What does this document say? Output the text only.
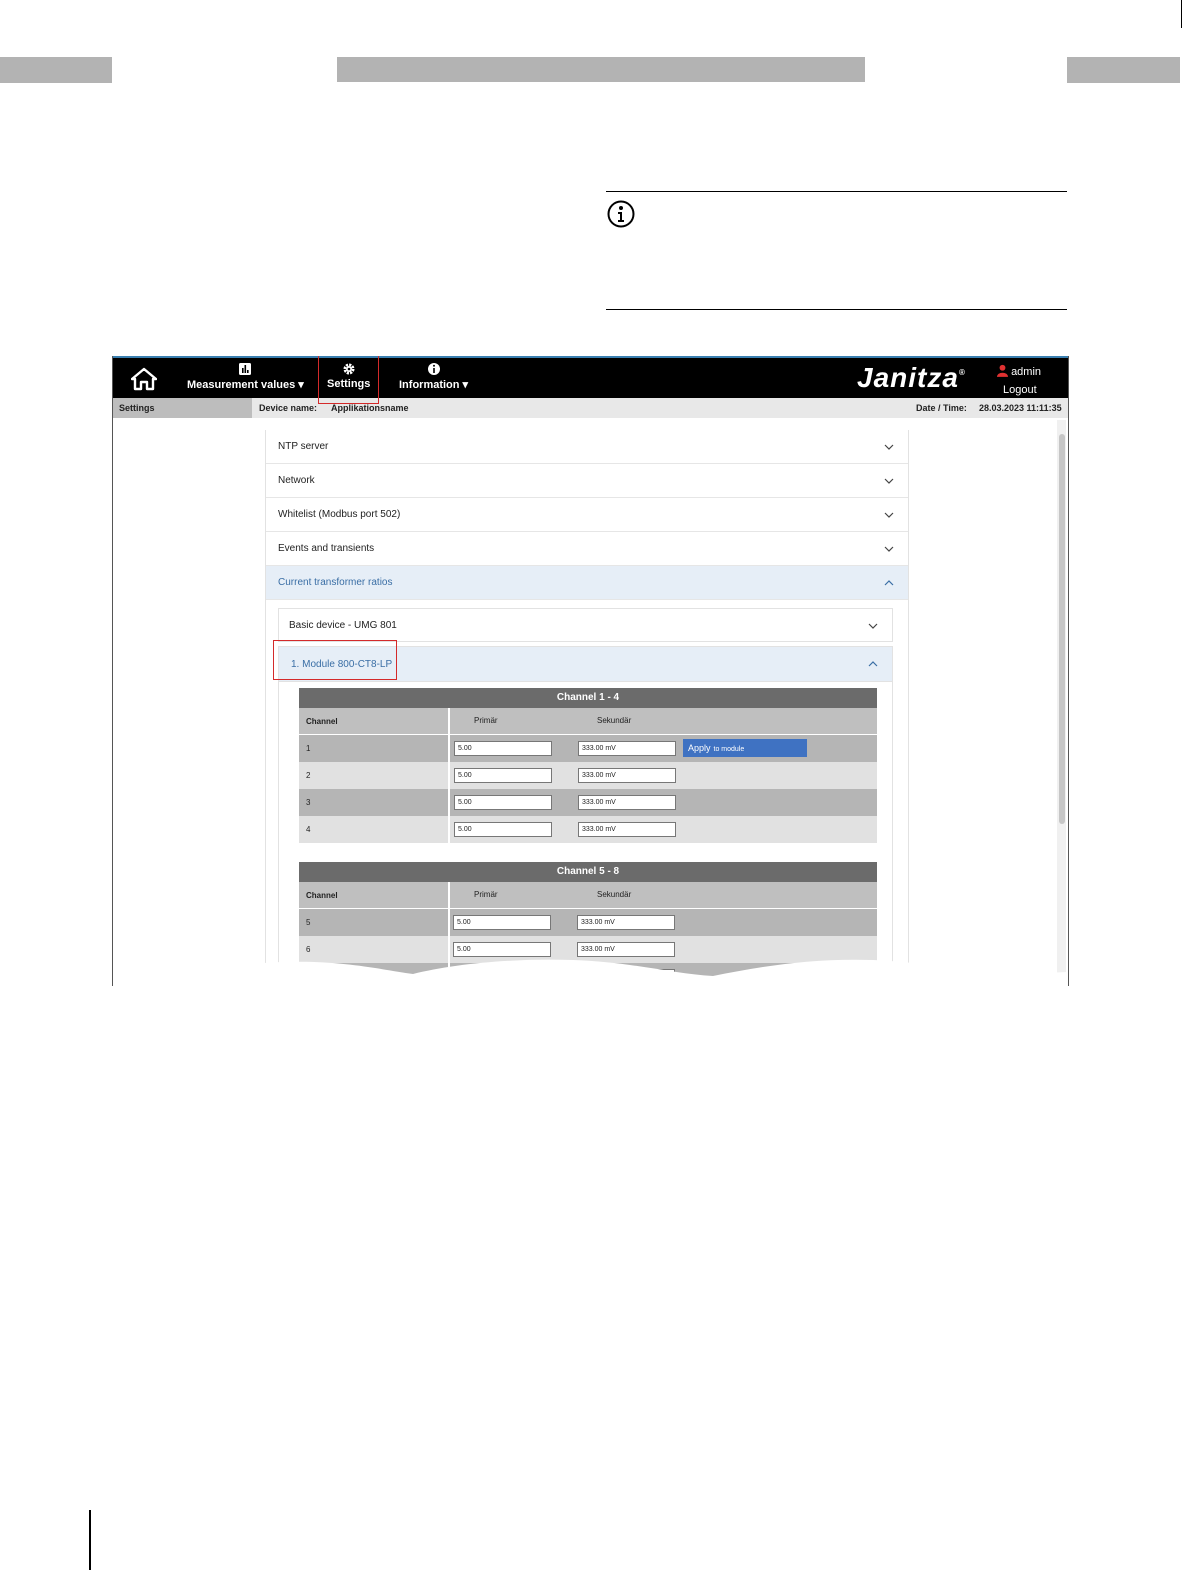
Measurement values ▾ Settings	Information ▾	Janitza®	admin
Logout
Settings	Device name: Applikationsname	Date / Time: 28.03.2023 11:11:35
NTP server
Network
Whitelist (Modbus port 502)
Events and transients
Current transformer ratios
Basic device - UMG 801
1. Module 800-CT8-LP
Channel 1 - 4
Channel	Primär	Sekundär
1	5.00	333.00 mV	Apply to module
2	5.00	333.00 mV
3	5.00	333.00 mV
4	5.00	333.00 mV
Channel 5 - 8
Channel	Primär	Sekundär
5	5.00	333.00 mV
6	5.00	333.00 mV
